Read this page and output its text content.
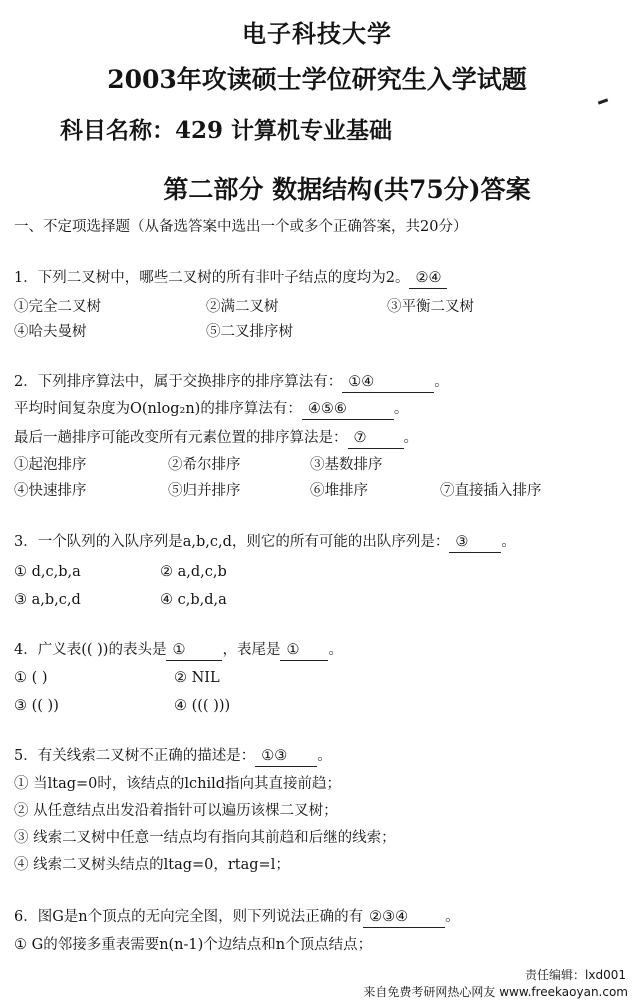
电子科技大学
2003年攻读硕士学位研究生入学试题
科目名称：429 计算机专业基础
第二部分 数据结构(共75分)答案
一、不定项选择题（从备选答案中选出一个或多个正确答案，共20分）
1．下列二叉树中，哪些二叉树的所有非叶子结点的度均为2。 ②④
①完全二叉树	②满二叉树	③平衡二叉树
④哈夫曼树	⑤二叉排序树
2．下列排序算法中，属于交换排序的排序算法有： ①④	。
平均时间复杂度为O(nlog₂n)的排序算法有： ④⑤⑥	。
最后一趟排序可能改变所有元素位置的排序算法是： ⑦	。
①起泡排序	②希尔排序	③基数排序
④快速排序	⑤归并排序	⑥堆排序	⑦直接插入排序
3．一个队列的入队序列是a,b,c,d，则它的所有可能的出队序列是： ③ 。
① d,c,b,a	② a,d,c,b
③ a,b,c,d	④ c,b,d,a
4．广义表(( ))的表头是 ①	，表尾是 ① 。
① ( )	② NIL
③ (( ))	④ ((( )))
5．有关线索二叉树不正确的描述是： ①③ 。
① 当ltag=0时，该结点的lchild指向其直接前趋；
② 从任意结点出发沿着指针可以遍历该棵二叉树；
③ 线索二叉树中任意一结点均有指向其前趋和后继的线索；
④ 线索二叉树头结点的ltag=0，rtag=l；
6．图G是n个顶点的无向完全图，则下列说法正确的有 ②③④	。
① G的邻接多重表需要n(n-1)个边结点和n个顶点结点；
责任编辑：lxd001
来自免费考研网热心网友 www.freekaoyan.com
